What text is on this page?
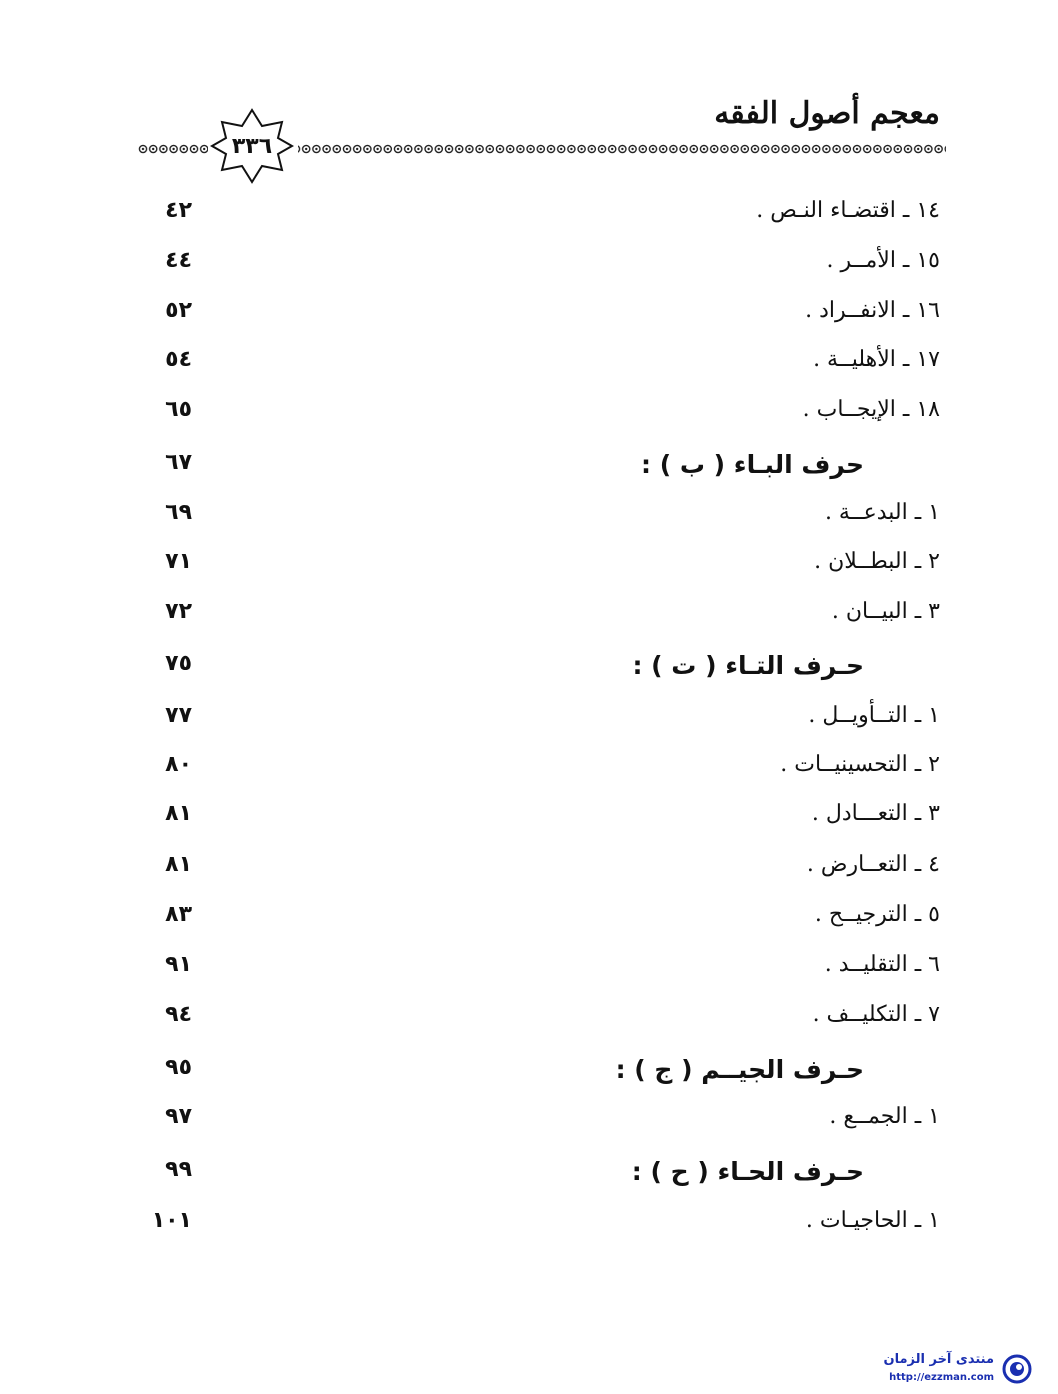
معجم أصول الفقه
٣٣٦
١٤ ـ اقتضـاء النـص .
٤٢
١٥ ـ الأمــر .
٤٤
١٦ ـ الانفــراد .
٥٢
١٧ ـ الأهليــة .
٥٤
١٨ ـ الإيجــاب .
٦٥
حرف البـاء ( ب ) :
٦٧
١ ـ البدعــة .
٦٩
٢ ـ البطــلان .
٧١
٣ ـ البيــان .
٧٢
حـرف التـاء ( ت ) :
٧٥
١ ـ التــأويــل .
٧٧
٢ ـ التحسينيــات .
٨٠
٣ ـ التعـــادل .
٨١
٤ ـ التعــارض .
٨١
٥ ـ الترجيــح .
٨٣
٦ ـ التقليــد .
٩١
٧ ـ التكليــف .
٩٤
حـرف الجيــم ( ج ) :
٩٥
١ ـ الجمــع .
٩٧
حـرف الحـاء ( ح ) :
٩٩
١ ـ الحاجيـات .
١٠١
منتدى آخر الزمان
http://ezzman.com
